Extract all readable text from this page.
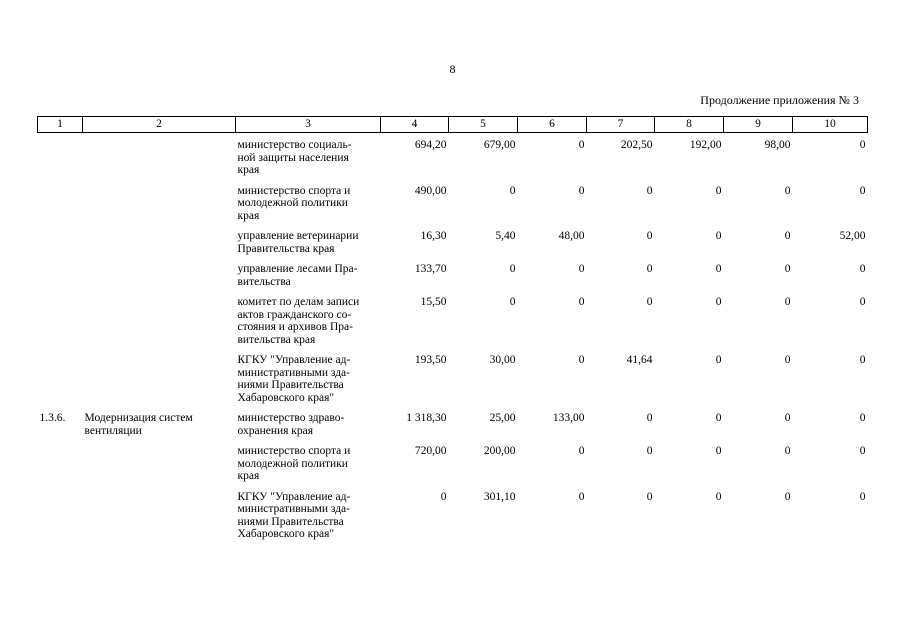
8
Продолжение приложения № 3
1	2	3	4	5	6	7	8	9	10
		министерство социаль-
ной защиты населения
края	694,20	679,00	0	202,50	192,00	98,00	0
		министерство спорта и
молодежной политики
края	490,00	0	0	0	0	0	0
		управление ветеринарии
Правительства края	16,30	5,40	48,00	0	0	0	52,00
		управление лесами Пра-
вительства	133,70	0	0	0	0	0	0
		комитет по делам записи
актов гражданского со-
стояния и архивов Пра-
вительства края	15,50	0	0	0	0	0	0
		КГКУ "Управление ад-
министративными зда-
ниями Правительства
Хабаровского края"	193,50	30,00	0	41,64	0	0	0
1.3.6.	Модернизация систем
вентиляции	министерство здраво-
охранения края	1 318,30	25,00	133,00	0	0	0	0
		министерство спорта и
молодежной политики
края	720,00	200,00	0	0	0	0	0
		КГКУ "Управление ад-
министративными зда-
ниями Правительства
Хабаровского края"	0	301,10	0	0	0	0	0
